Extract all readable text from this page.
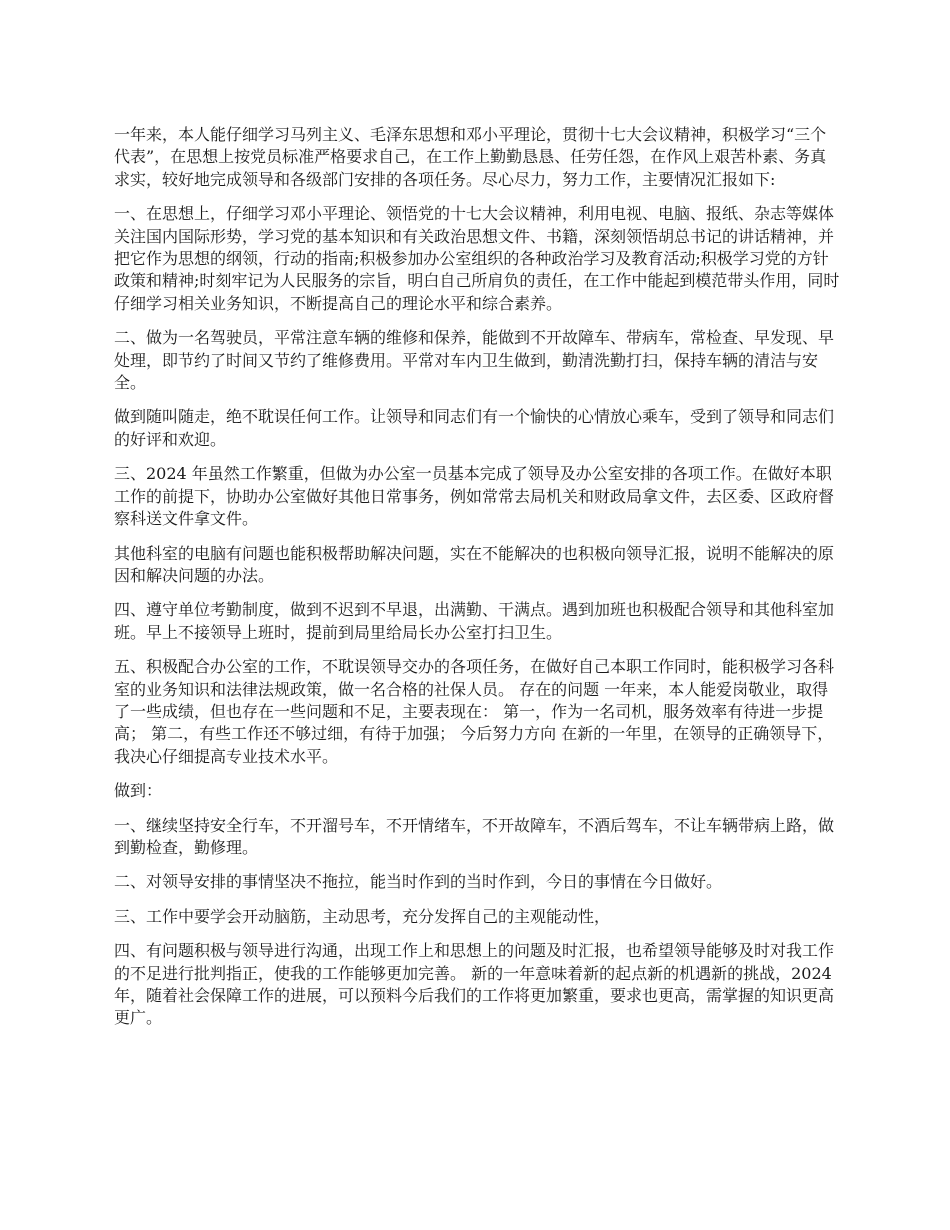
一年来，本人能仔细学习马列主义、毛泽东思想和邓小平理论，贯彻十七大会议精神，积极学习“三个代表”，在思想上按党员标准严格要求自己，在工作上勤勤恳恳、任劳任怨，在作风上艰苦朴素、务真求实，较好地完成领导和各级部门安排的各项任务。尽心尽力，努力工作，主要情况汇报如下:

一、在思想上，仔细学习邓小平理论、领悟党的十七大会议精神，利用电视、电脑、报纸、杂志等媒体关注国内国际形势，学习党的基本知识和有关政治思想文件、书籍，深刻领悟胡总书记的讲话精神，并把它作为思想的纲领，行动的指南;积极参加办公室组织的各种政治学习及教育活动;积极学习党的方针政策和精神;时刻牢记为人民服务的宗旨，明白自己所肩负的责任，在工作中能起到模范带头作用，同时仔细学习相关业务知识，不断提高自己的理论水平和综合素养。

二、做为一名驾驶员，平常注意车辆的维修和保养，能做到不开故障车、带病车，常检查、早发现、早处理，即节约了时间又节约了维修费用。平常对车内卫生做到，勤清洗勤打扫，保持车辆的清洁与安全。

做到随叫随走，绝不耽误任何工作。让领导和同志们有一个愉快的心情放心乘车，受到了领导和同志们的好评和欢迎。

三、2024 年虽然工作繁重，但做为办公室一员基本完成了领导及办公室安排的各项工作。在做好本职工作的前提下，协助办公室做好其他日常事务，例如常常去局机关和财政局拿文件，去区委、区政府督察科送文件拿文件。

其他科室的电脑有问题也能积极帮助解决问题，实在不能解决的也积极向领导汇报，说明不能解决的原因和解决问题的办法。

四、遵守单位考勤制度，做到不迟到不早退，出满勤、干满点。遇到加班也积极配合领导和其他科室加班。早上不接领导上班时，提前到局里给局长办公室打扫卫生。

五、积极配合办公室的工作，不耽误领导交办的各项任务，在做好自己本职工作同时，能积极学习各科室的业务知识和法律法规政策，做一名合格的社保人员。 存在的问题 一年来，本人能爱岗敬业，取得了一些成绩，但也存在一些问题和不足，主要表现在： 第一，作为一名司机，服务效率有待进一步提高； 第二，有些工作还不够过细，有待于加强； 今后努力方向 在新的一年里，在领导的正确领导下，我决心仔细提高专业技术水平。

做到：

一、继续坚持安全行车，不开溜号车，不开情绪车，不开故障车，不酒后驾车，不让车辆带病上路，做到勤检查，勤修理。

二、对领导安排的事情坚决不拖拉，能当时作到的当时作到，今日的事情在今日做好。

三、工作中要学会开动脑筋，主动思考，充分发挥自己的主观能动性，

四、有问题积极与领导进行沟通，出现工作上和思想上的问题及时汇报，也希望领导能够及时对我工作的不足进行批判指正，使我的工作能够更加完善。 新的一年意味着新的起点新的机遇新的挑战，2024 年，随着社会保障工作的进展，可以预料今后我们的工作将更加繁重，要求也更高，需掌握的知识更高更广。
